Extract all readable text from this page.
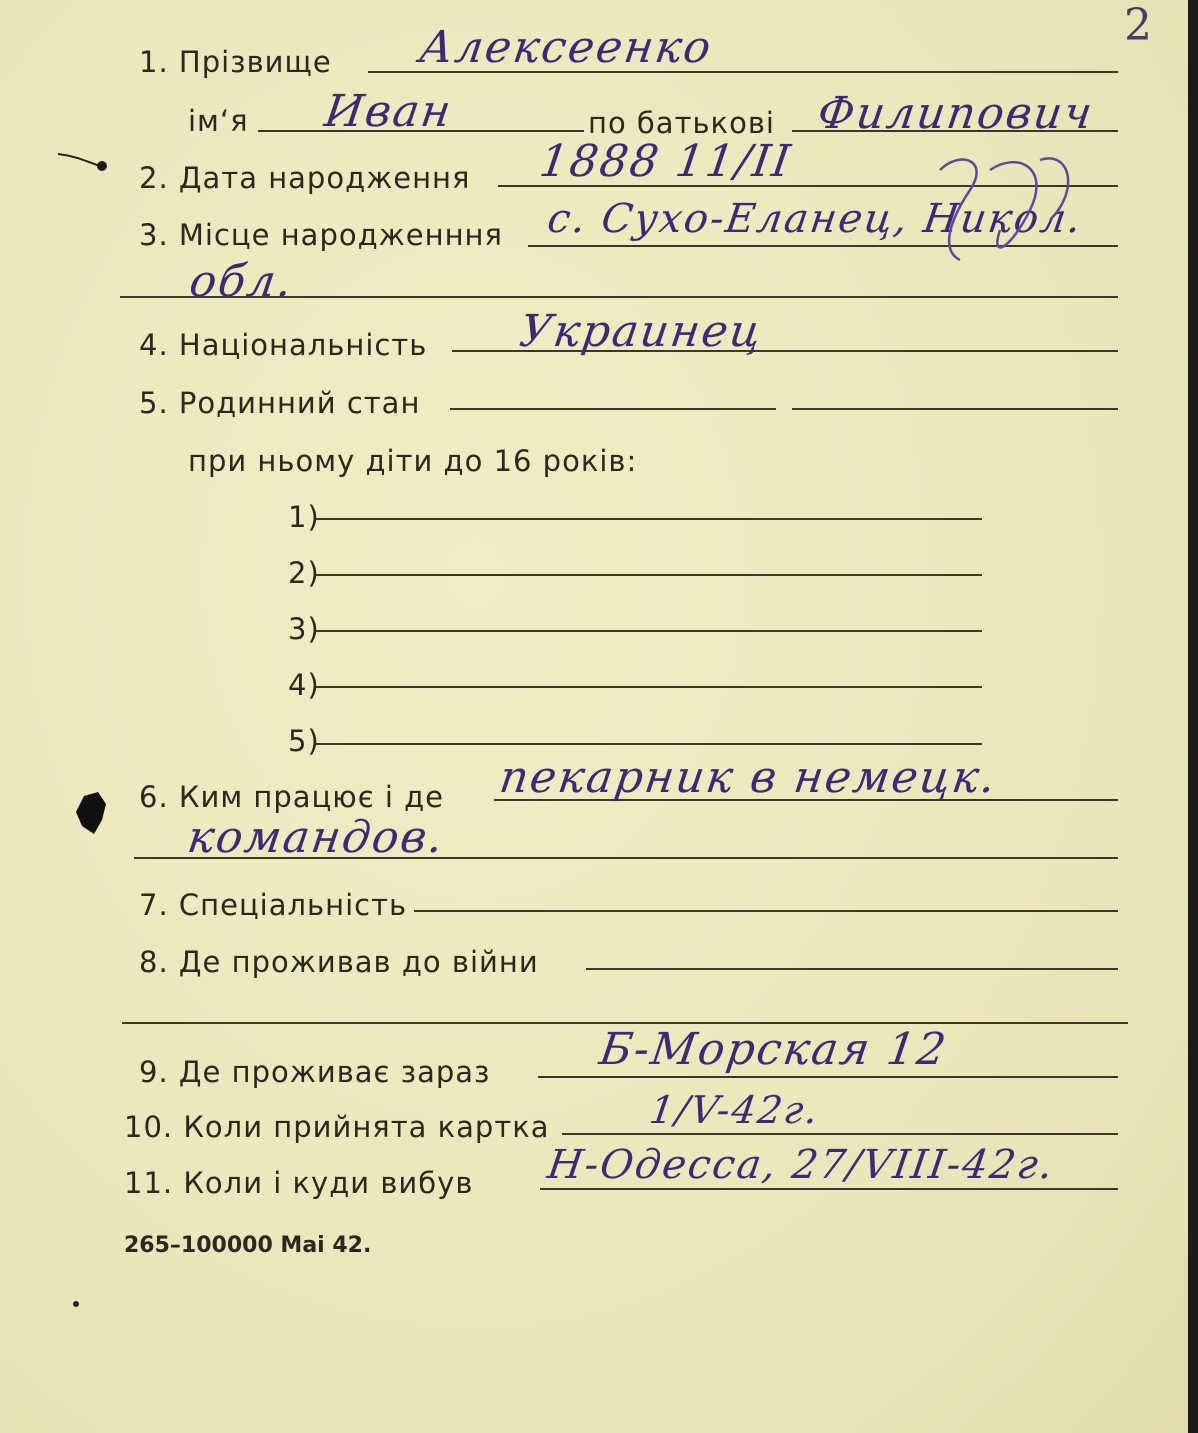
2
1. Прізвище Алексеенко
ім‘я Иван	по батькові Филипович
2. Дата народження 1888 11/II
3. Місце народженння с. Сухо-Еланец, Никол.
обл.
4. Національність Украинец
5. Родинний стан
при ньому діти до 16 років:
1)
2)
3)
4)
5)
6. Ким працює і де пекарник в немецк.
командов.
7. Спеціальність
8. Де проживав до війни
9. Де проживає зараз Б-Морская 12
10. Коли прийнята картка	1/V-42г.
11. Коли і куди вибув Н-Одесса, 27/VIII-42г.
265–100000 Маі 42.
